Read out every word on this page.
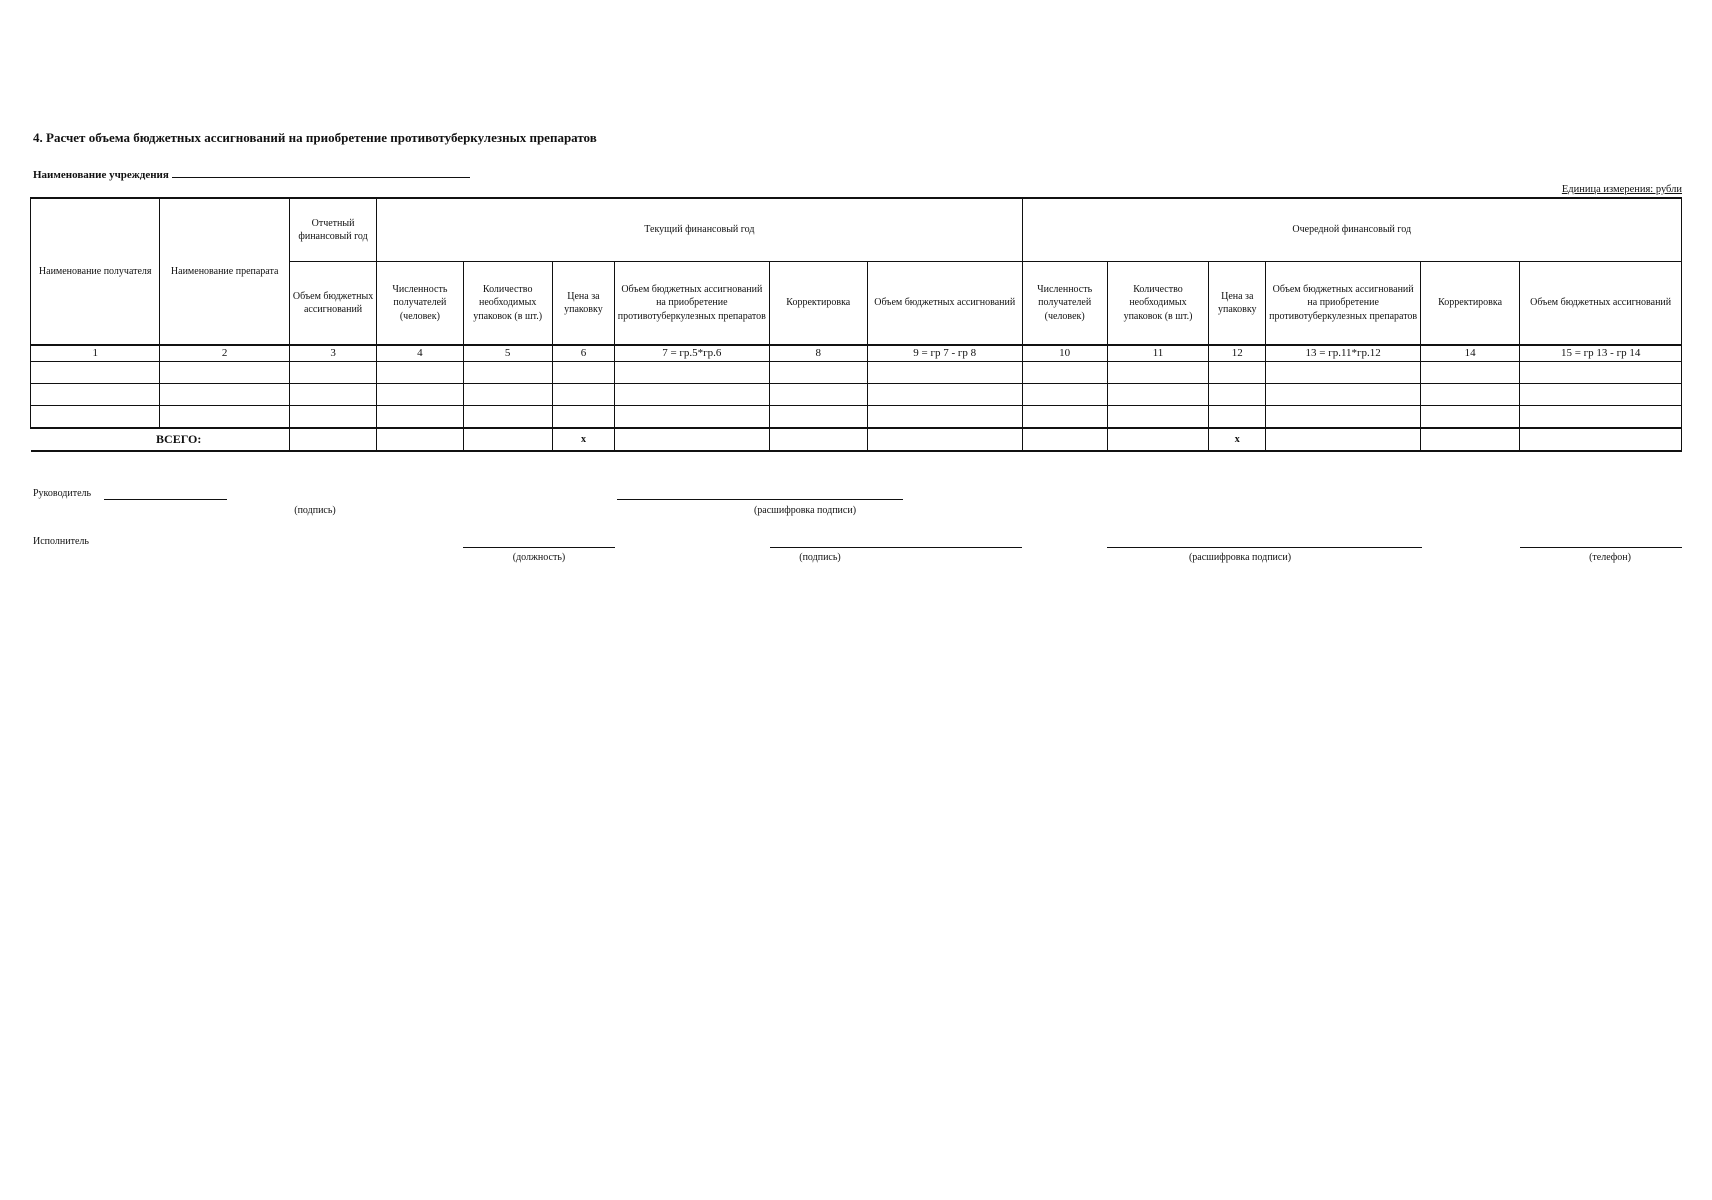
4. Расчет объема бюджетных ассигнований на приобретение противотуберкулезных препаратов
Наименование учреждения
Единица измерения: рубли
Наименование получателя	Наименование препарата	Отчетный финансовый год	Текущий финансовый год						Очередной финансовый год					
		Объем бюджетных ассигнований	Численность получателей (человек)	Количество необходимых упаковок (в шт.)	Цена за упаковку	Объем бюджетных ассигнований на приобретение противотуберкулезных препаратов	Корректировка	Объем бюджетных ассигнований	Численность получателей (человек)	Количество необходимых упаковок (в шт.)	Цена за упаковку	Объем бюджетных ассигнований на приобретение противотуберкулезных препаратов	Корректировка	Объем бюджетных ассигнований
1	2	3	4	5	6	7 = гр.5*гр.6	8	9 = гр 7 - гр 8	10	11	12	13 = гр.11*гр.12	14	15 = гр 13 - гр 14

ВСЕГО:					х						х			
Руководитель
(подпись)	(расшифровка подписи)
Исполнитель
(должность)	(подпись)	(расшифровка подписи)	(телефон)
